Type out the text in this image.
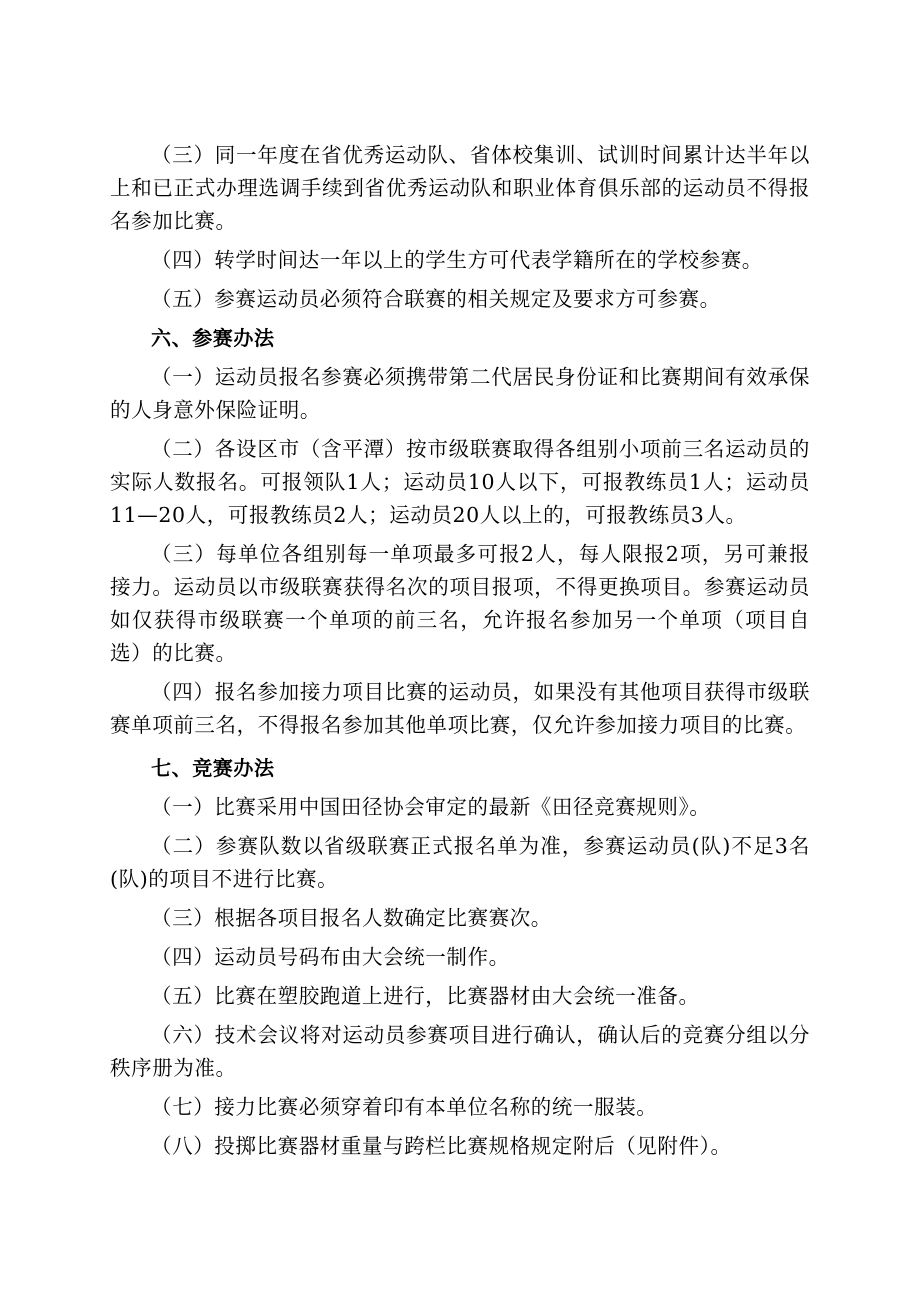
（三）同一年度在省优秀运动队、省体校集训、试训时间累计达半年以上和已正式办理选调手续到省优秀运动队和职业体育俱乐部的运动员不得报名参加比赛。

（四）转学时间达一年以上的学生方可代表学籍所在的学校参赛。

（五）参赛运动员必须符合联赛的相关规定及要求方可参赛。

六、参赛办法

（一）运动员报名参赛必须携带第二代居民身份证和比赛期间有效承保的人身意外保险证明。

（二）各设区市（含平潭）按市级联赛取得各组别小项前三名运动员的实际人数报名。可报领队1人；运动员10人以下，可报教练员1人；运动员11—20人，可报教练员2人；运动员20人以上的，可报教练员3人。

（三）每单位各组别每一单项最多可报2人，每人限报2项，另可兼报接力。运动员以市级联赛获得名次的项目报项，不得更换项目。参赛运动员如仅获得市级联赛一个单项的前三名，允许报名参加另一个单项（项目自选）的比赛。

（四）报名参加接力项目比赛的运动员，如果没有其他项目获得市级联赛单项前三名，不得报名参加其他单项比赛，仅允许参加接力项目的比赛。

七、竞赛办法

（一）比赛采用中国田径协会审定的最新《田径竞赛规则》。

（二）参赛队数以省级联赛正式报名单为准，参赛运动员(队)不足3名(队)的项目不进行比赛。

（三）根据各项目报名人数确定比赛赛次。

（四）运动员号码布由大会统一制作。

（五）比赛在塑胶跑道上进行，比赛器材由大会统一准备。

（六）技术会议将对运动员参赛项目进行确认，确认后的竞赛分组以分秩序册为准。

（七）接力比赛必须穿着印有本单位名称的统一服装。

（八）投掷比赛器材重量与跨栏比赛规格规定附后（见附件）。
